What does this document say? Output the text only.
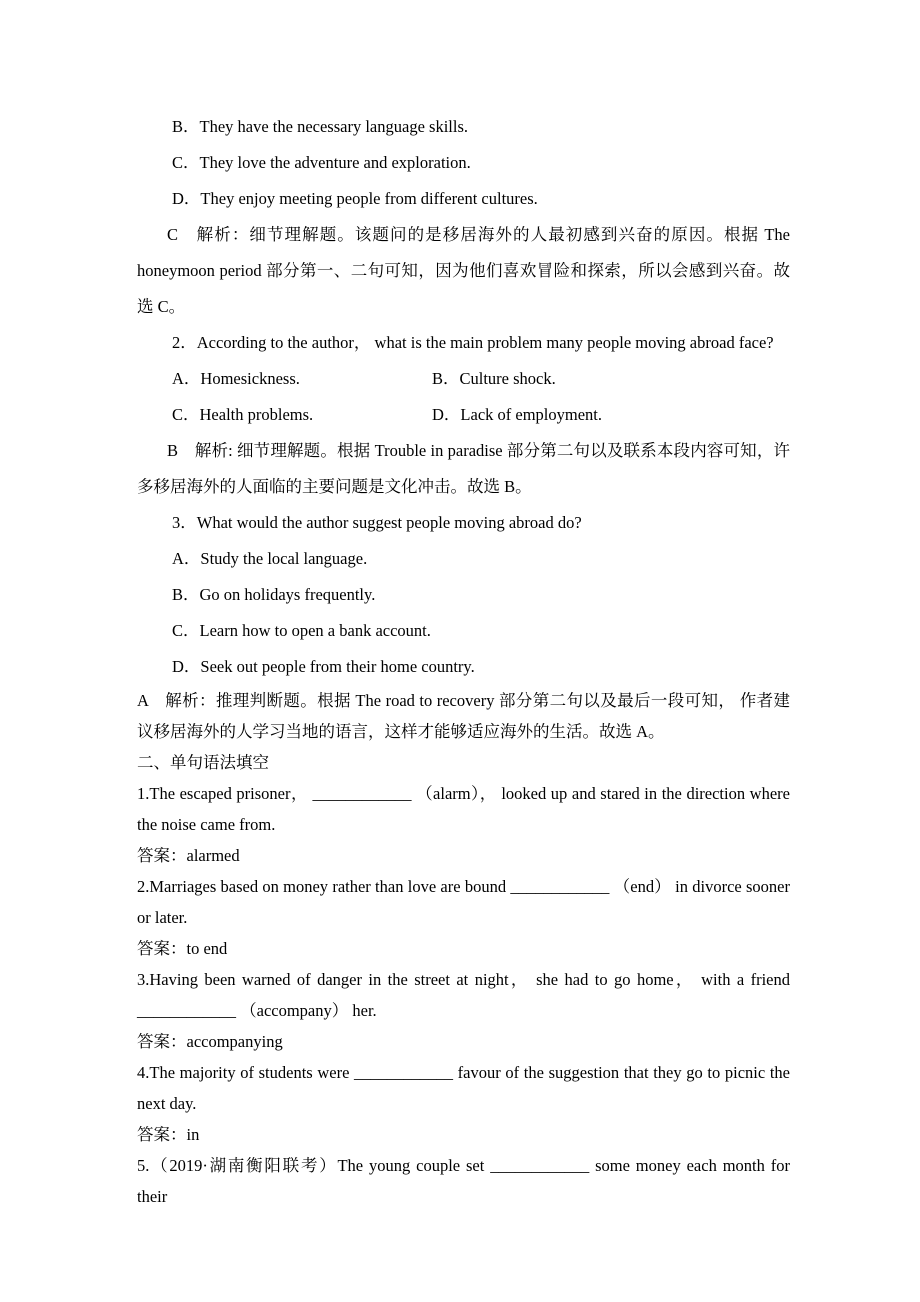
B．They have the necessary language skills.

C．They love the adventure and exploration.

D．They enjoy meeting people from different cultures.

C　解析：细节理解题。该题问的是移居海外的人最初感到兴奋的原因。根据 The honeymoon period 部分第一、二句可知，因为他们喜欢冒险和探索，所以会感到兴奋。故选 C。

2．According to the author， what is the main problem many people moving abroad face?

A．Homesickness.	B．Culture shock.
C．Health problems.	D．Lack of employment.

B　解析: 细节理解题。根据 Trouble in paradise 部分第二句以及联系本段内容可知，许多移居海外的人面临的主要问题是文化冲击。故选 B。

3．What would the author suggest people moving abroad do?

A．Study the local language.

B．Go on holidays frequently.

C．Learn how to open a bank account.

D．Seek out people from their home country.

A　解析：推理判断题。根据 The road to recovery 部分第二句以及最后一段可知， 作者建议移居海外的人学习当地的语言，这样才能够适应海外的生活。故选 A。

二、单句语法填空

1.The escaped prisoner， ____________ （alarm）， looked up and stared in the direction where the noise came from.

答案：alarmed

2.Marriages based on money rather than love are bound ____________ （end） in divorce sooner or later.

答案：to end

3.Having been warned of danger in the street at night， she had to go home， with a friend ____________ （accompany） her.

答案：accompanying

4.The majority of students were ____________ favour of the suggestion that they go to picnic the next day.

答案：in

5.（2019·湖南衡阳联考）The young couple set ____________ some money each month for their
